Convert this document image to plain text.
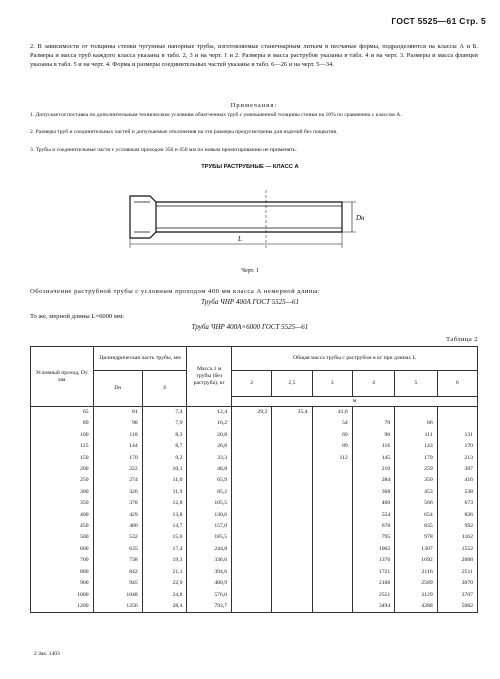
ГОСТ 5525—61 Стр. 5
2. В зависимости от толщины стенки чугунные напорные трубы, изготовляемые станочнарным литьем в песчаные формы, подразделяются на классы А и Б. Размеры и масса труб каждого класса указаны в табл. 2, 3 и на черт. 1 и 2. Размеры и масса раструбов указаны в табл. 4 и на черт. 3. Размеры и масса фланцев указаны в табл. 5 и на черт. 4. Форма и размеры соединительных частей указаны в табл. 6—26 и на черт. 5—34.
Примечания:
1. Допускается поставка по дополнительным техническим условиям облегченных труб с уменьшенной толщины стенки на 10% по сравнению с классом А.
2. Размеры труб и соединительных частей и допускаемые отклонения на эти размеры предусмотрены для изделий без покрытия.
3. Трубы и соединительные части с условным проходом 350 и 450 мм по новым проектированию не применять.
ТРУБЫ РАСТРУБНЫЕ — КЛАСС А
Dн
L
Черт. 1
Обозначение раструбной трубы с условным проходом 400 мм класса А немерной длины:
Труба ЧНР 400А ГОСТ 5525—61
То же, мерной длины L=6000 мм:
Труба ЧНР 400А×6000 ГОСТ 5525—61
Таблица 2
Условный проход, Dу мм	Цилиндрическая часть трубы, мм		Масса 1 м трубы (без раструба), кг	Общая масса трубы с раструбом в кг при длинах L					
	Dн	S		2	2,5	3	4	5	6
				м					
65	81	7,4	12,4	29,2	35,4	41,6			
80	98	7,9	16,2			54	70	86	
100	118	8,3	20,8			69	90	111	131
125	144	8,7	26,8			89	116	143	170
150	170	9,2	33,3			112	145	179	213
200	222	10,1	48,8				210	259	307
250	274	11,0	65,9				284	350	416
300	326	11,9	85,2				368	453	538
350	378	12,8	105,5				460	566	673
400	429	13,8	130,6				554	654	826
450	480	14,7	157,0				678	835	992
500	532	15,6	185,5				795	978	1162
600	635	17,4	244,8				1062	1307	1552
700	738	19,3	336,6				1376	1692	2008
800	842	21,1	394,6				1721	2116	2511
900	945	22,9	480,9				2168	2589	3070
1000	1048	24,8	576,0				2551	3129	3707
1200	1256	28,4	793,7				3494	4288	5082
2 Зак. 1403
